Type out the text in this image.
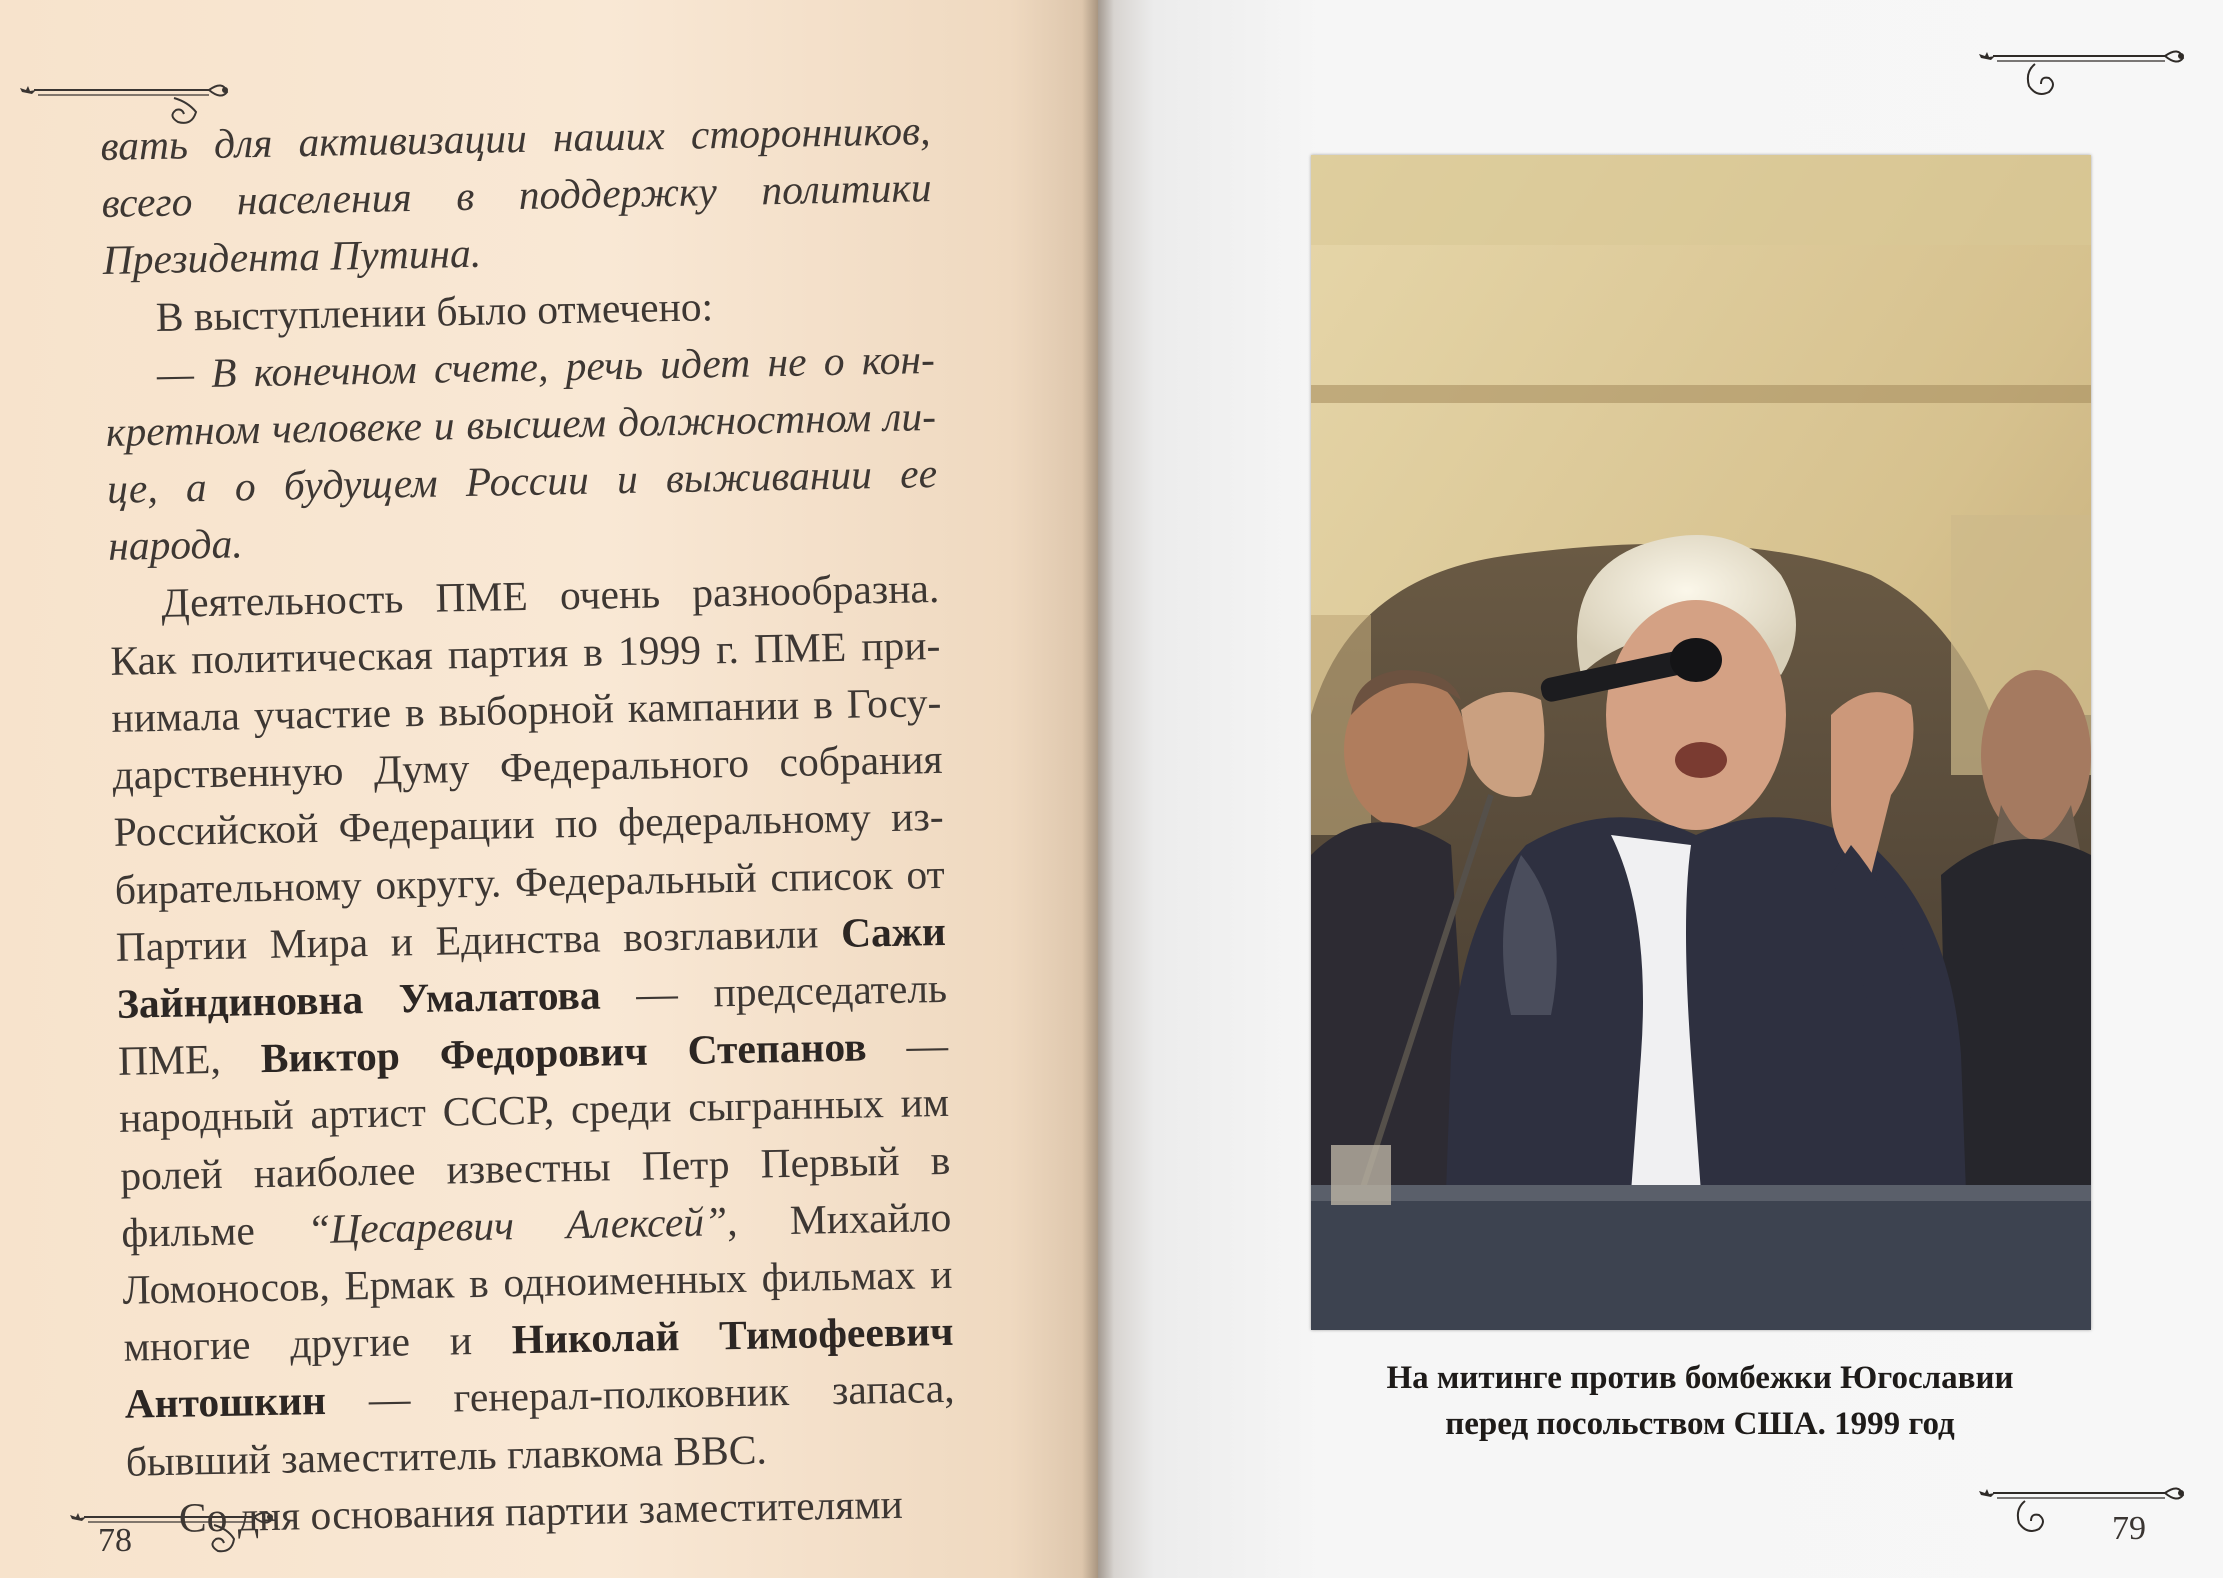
вать для активизации наших сторонников, всего населения в поддержку политики Президента Путина.

В выступлении было отмечено:

— В конечном счете, речь идет не о конкретном человеке и высшем должностном лице, а о будущем России и выживании ее народа.

Деятельность ПМЕ очень разнообразна. Как политическая партия в 1999 г. ПМЕ принимала участие в выборной кампании в Государственную Думу Федерального собрания Российской Федерации по федеральному избирательному округу. Федеральный список от Партии Мира и Единства возглавили Сажи Зайндиновна Умалатова — председатель ПМЕ, Виктор Федорович Степанов — народный артист СССР, среди сыгранных им ролей наиболее известны Петр Первый в фильме “Цесаревич Алексей”, Михайло Ломоносов, Ермак в одноименных фильмах и многие другие и Николай Тимофеевич Антошкин — генерал-полковник запаса, бывший заместитель главкома ВВС.

Со дня основания партии заместителями

78
На митинге против бомбежки Югославии
перед посольством США. 1999 год
79
